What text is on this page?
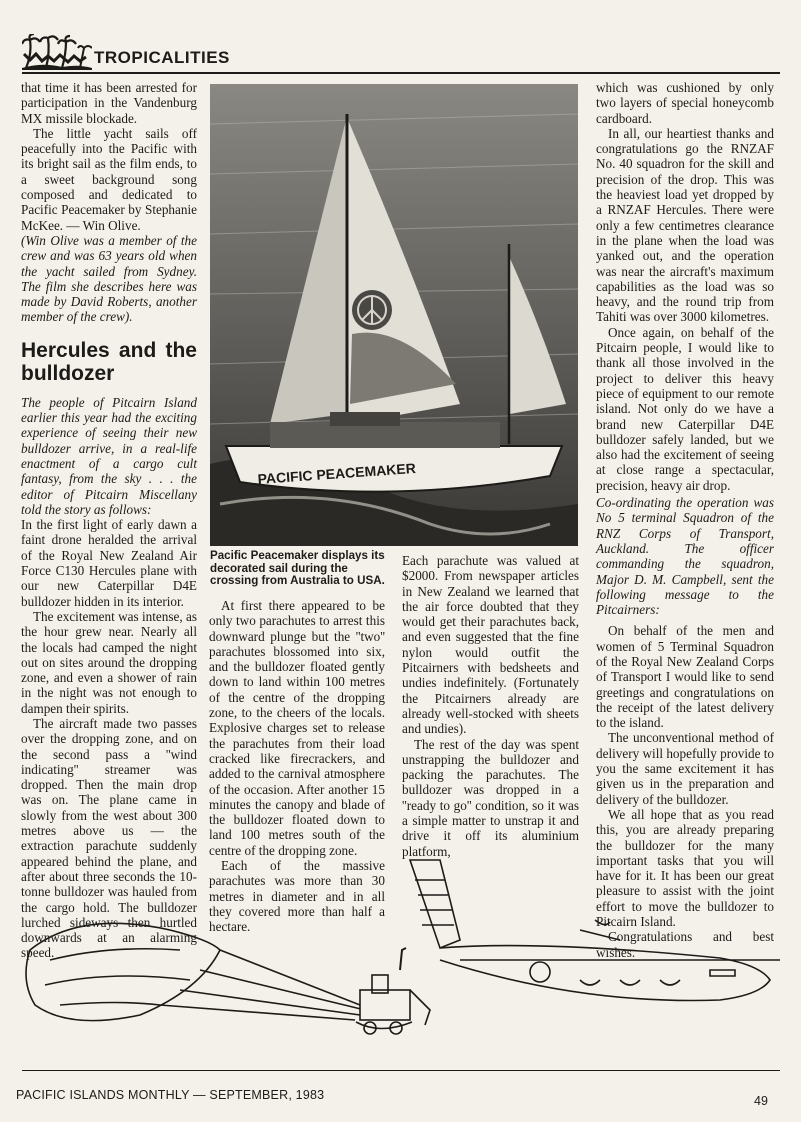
TROPICALITIES

that time it has been arrested for participation in the Vandenburg MX missile blockade.

The little yacht sails off peacefully into the Pacific with its bright sail as the film ends, to a sweet background song composed and dedicated to Pacific Peacemaker by Stephanie McKee. — Win Olive.

(Win Olive was a member of the crew and was 63 years old when the yacht sailed from Sydney. The film she describes here was made by David Roberts, another member of the crew).

Hercules and the bulldozer

The people of Pitcairn Island earlier this year had the exciting experience of seeing their new bulldozer arrive, in a real-life enactment of a cargo cult fantasy, from the sky . . . the editor of Pitcairn Miscellany told the story as follows:

In the first light of early dawn a faint drone heralded the arrival of the Royal New Zealand Air Force C130 Hercules plane with our new Caterpillar D4E bulldozer hidden in its interior.

The excitement was intense, as the hour grew near. Nearly all the locals had camped the night out on sites around the dropping zone, and even a shower of rain in the night was not enough to dampen their spirits.

The aircraft made two passes over the dropping zone, and on the second pass a ''wind indicating'' streamer was dropped. Then the main drop was on. The plane came in slowly from the west about 300 metres above us — the extraction parachute suddenly appeared behind the plane, and after about three seconds the 10-tonne bulldozer was hauled from the cargo hold. The bulldozer lurched sideways then hurtled downwards at an alarming speed.

PACIFIC PEACEMAKER
Pacific Peacemaker displays its decorated sail during the crossing from Australia to USA.

At first there appeared to be only two parachutes to arrest this downward plunge but the ''two'' parachutes blossomed into six, and the bulldozer floated gently down to land within 100 metres of the centre of the dropping zone, to the cheers of the locals. Explosive charges set to release the parachutes from their load cracked like firecrackers, and added to the carnival atmosphere of the occasion. After another 15 minutes the canopy and blade of the bulldozer floated down to land 100 metres south of the centre of the dropping zone.

Each of the massive parachutes was more than 30 metres in diameter and in all they covered more than half a hectare.

Each parachute was valued at $2000. From newspaper articles in New Zealand we learned that the air force doubted that they would get their parachutes back, and even suggested that the fine nylon would outfit the Pitcairners with bedsheets and undies indefinitely. (Fortunately the Pitcairners already are already well-stocked with sheets and undies).

The rest of the day was spent unstrapping the bulldozer and packing the parachutes. The bulldozer was dropped in a ''ready to go'' condition, so it was a simple matter to unstrap it and drive it off its aluminium platform,

which was cushioned by only two layers of special honeycomb cardboard.

In all, our heartiest thanks and congratulations go the RNZAF No. 40 squadron for the skill and precision of the drop. This was the heaviest load yet dropped by a RNZAF Hercules. There were only a few centimetres clearance in the plane when the load was yanked out, and the operation was near the aircraft's maximum capabilities as the load was so heavy, and the round trip from Tahiti was over 3000 kilometres.

Once again, on behalf of the Pitcairn people, I would like to thank all those involved in the project to deliver this heavy piece of equipment to our remote island. Not only do we have a brand new Caterpillar D4E bulldozer safely landed, but we also had the excitement of seeing at close range a spectacular, precision, heavy air drop.

Co-ordinating the operation was No 5 terminal Squadron of the RNZ Corps of Transport, Auckland. The officer commanding the squadron, Major D. M. Campbell, sent the following message to the Pitcairners:

On behalf of the men and women of 5 Terminal Squadron of the Royal New Zealand Corps of Transport I would like to send greetings and congratulations on the receipt of the latest delivery to the island.

The unconventional method of delivery will hopefully provide to you the same excitement it has given us in the preparation and delivery of the bulldozer.

We all hope that as you read this, you are already preparing the bulldozer for the many important tasks that you will have for it. It has been our great pleasure to assist with the joint effort to move the bulldozer to Pitcairn Island.

Congratulations and best wishes.

PACIFIC ISLANDS MONTHLY — SEPTEMBER, 1983	49
